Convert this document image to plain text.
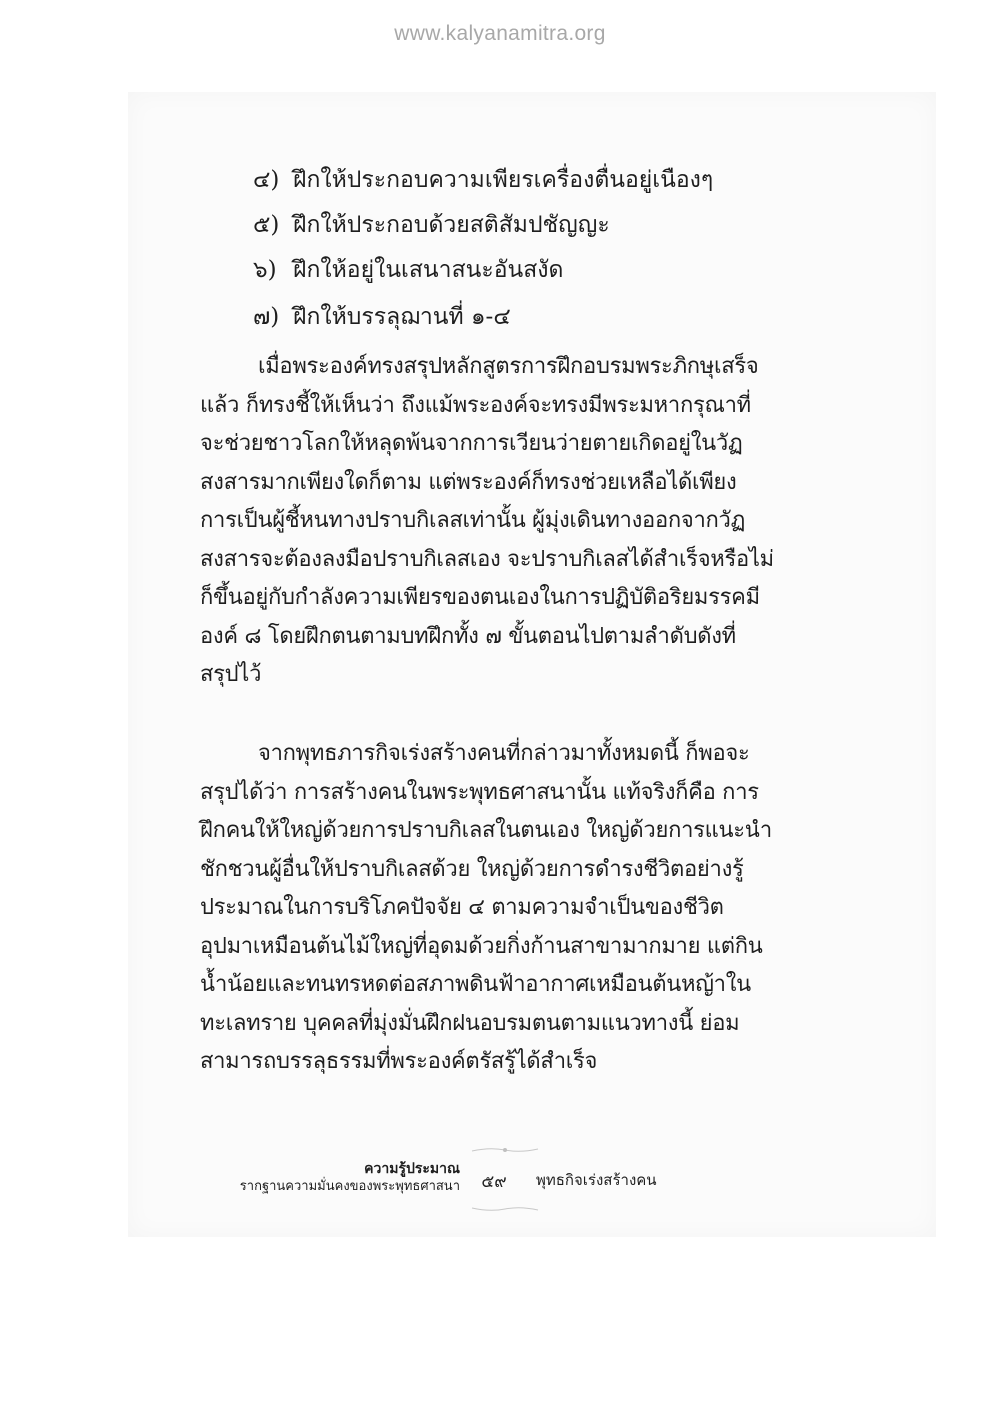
www.kalyanamitra.org
๔) ฝึกให้ประกอบความเพียรเครื่องตื่นอยู่เนืองๆ
๕) ฝึกให้ประกอบด้วยสติสัมปชัญญะ
๖) ฝึกให้อยู่ในเสนาสนะอันสงัด
๗) ฝึกให้บรรลุฌานที่ ๑-๔
เมื่อพระองค์ทรงสรุปหลักสูตรการฝึกอบรมพระภิกษุเสร็จ
แล้ว ก็ทรงชี้ให้เห็นว่า ถึงแม้พระองค์จะทรงมีพระมหากรุณาที่
จะช่วยชาวโลกให้หลุดพ้นจากการเวียนว่ายตายเกิดอยู่ในวัฏ
สงสารมากเพียงใดก็ตาม แต่พระองค์ก็ทรงช่วยเหลือได้เพียง
การเป็นผู้ชี้หนทางปราบกิเลสเท่านั้น ผู้มุ่งเดินทางออกจากวัฏ
สงสารจะต้องลงมือปราบกิเลสเอง จะปราบกิเลสได้สำเร็จหรือไม่
ก็ขึ้นอยู่กับกำลังความเพียรของตนเองในการปฏิบัติอริยมรรคมี
องค์ ๘ โดยฝึกตนตามบทฝึกทั้ง ๗ ขั้นตอนไปตามลำดับดังที่
สรุปไว้
จากพุทธภารกิจเร่งสร้างคนที่กล่าวมาทั้งหมดนี้ ก็พอจะ
สรุปได้ว่า การสร้างคนในพระพุทธศาสนานั้น แท้จริงก็คือ การ
ฝึกคนให้ใหญ่ด้วยการปราบกิเลสในตนเอง ใหญ่ด้วยการแนะนำ
ชักชวนผู้อื่นให้ปราบกิเลสด้วย ใหญ่ด้วยการดำรงชีวิตอย่างรู้
ประมาณในการบริโภคปัจจัย ๔ ตามความจำเป็นของชีวิต
อุปมาเหมือนต้นไม้ใหญ่ที่อุดมด้วยกิ่งก้านสาขามากมาย แต่กิน
น้ำน้อยและทนทรหดต่อสภาพดินฟ้าอากาศเหมือนต้นหญ้าใน
ทะเลทราย บุคคลที่มุ่งมั่นฝึกฝนอบรมตนตามแนวทางนี้ ย่อม
สามารถบรรลุธรรมที่พระองค์ตรัสรู้ได้สำเร็จ
ความรู้ประมาณ
รากฐานความมั่นคงของพระพุทธศาสนา	๕๙	พุทธกิจเร่งสร้างคน
